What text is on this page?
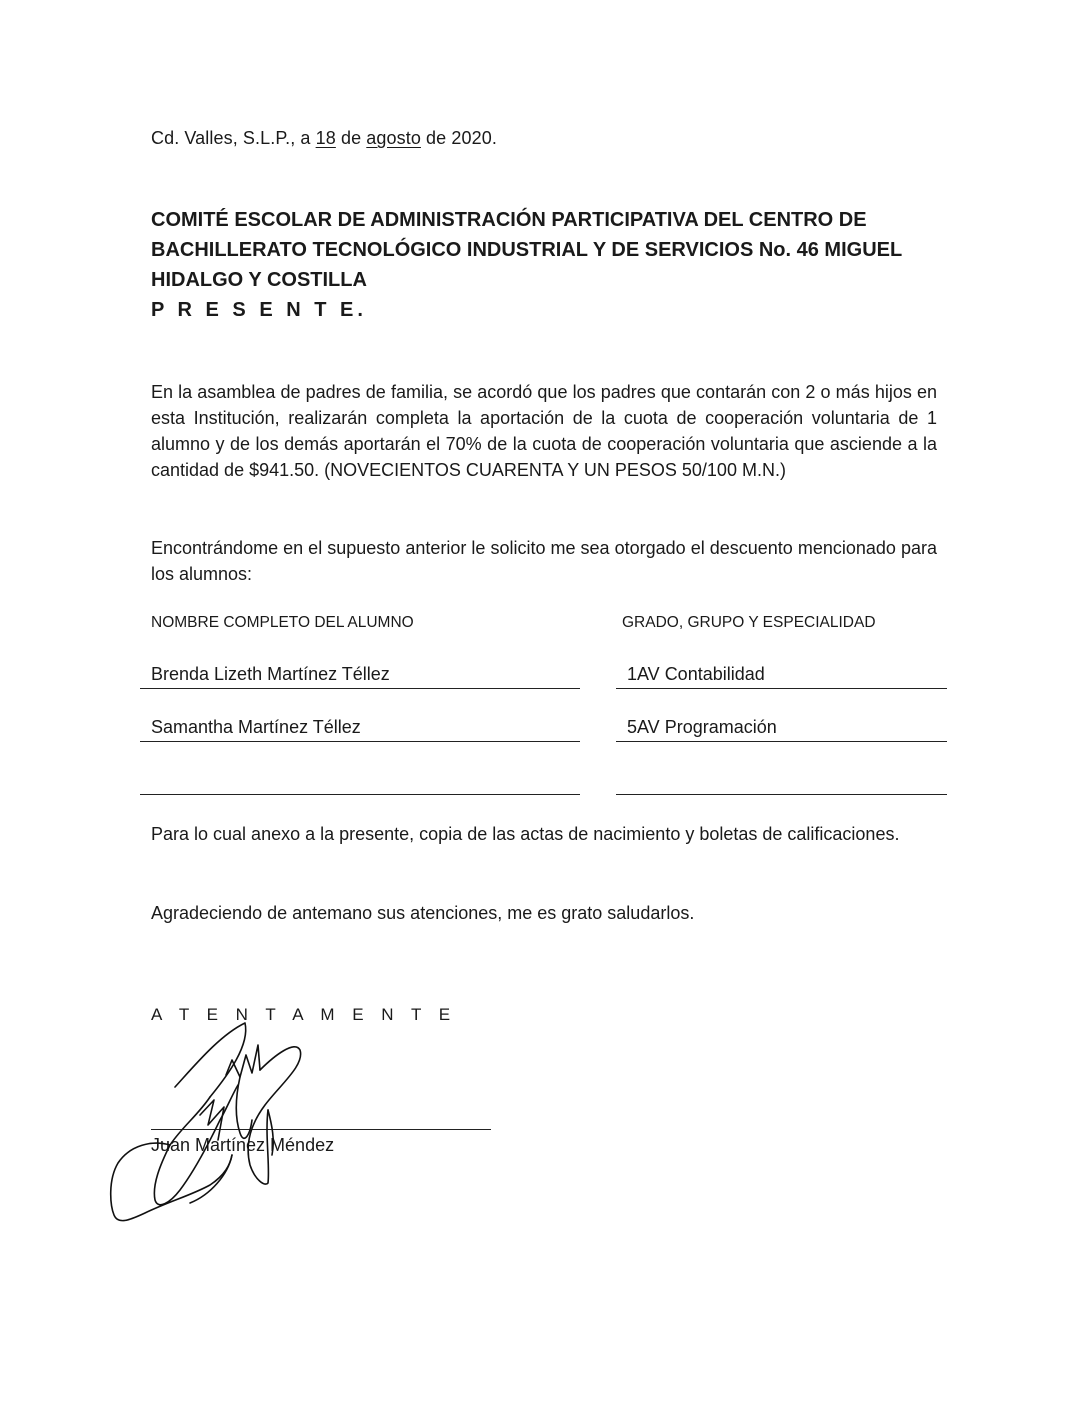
Cd. Valles, S.L.P., a 18 de agosto de 2020.
COMITÉ ESCOLAR DE ADMINISTRACIÓN PARTICIPATIVA DEL CENTRO DE
BACHILLERATO TECNOLÓGICO INDUSTRIAL Y DE SERVICIOS No. 46 MIGUEL
HIDALGO Y COSTILLA
P R E S E N T E.
En la asamblea de padres de familia, se acordó que los padres que contarán con 2 o más hijos en esta Institución, realizarán completa la aportación de la cuota de cooperación voluntaria de 1 alumno y de los demás aportarán el 70% de la cuota de cooperación voluntaria que asciende a la cantidad de $941.50. (NOVECIENTOS CUARENTA Y UN PESOS 50/100 M.N.)
Encontrándome en el supuesto anterior le solicito me sea otorgado el descuento mencionado para los alumnos:
NOMBRE COMPLETO DEL ALUMNO	GRADO, GRUPO Y ESPECIALIDAD
Brenda Lizeth Martínez Téllez	1AV Contabilidad
Samantha Martínez Téllez	5AV Programación
Para lo cual anexo a la presente, copia de las actas de nacimiento y boletas de calificaciones.
Agradeciendo de antemano sus atenciones, me es grato saludarlos.
A T E N T A M E N T E
Juan Martínez Méndez
